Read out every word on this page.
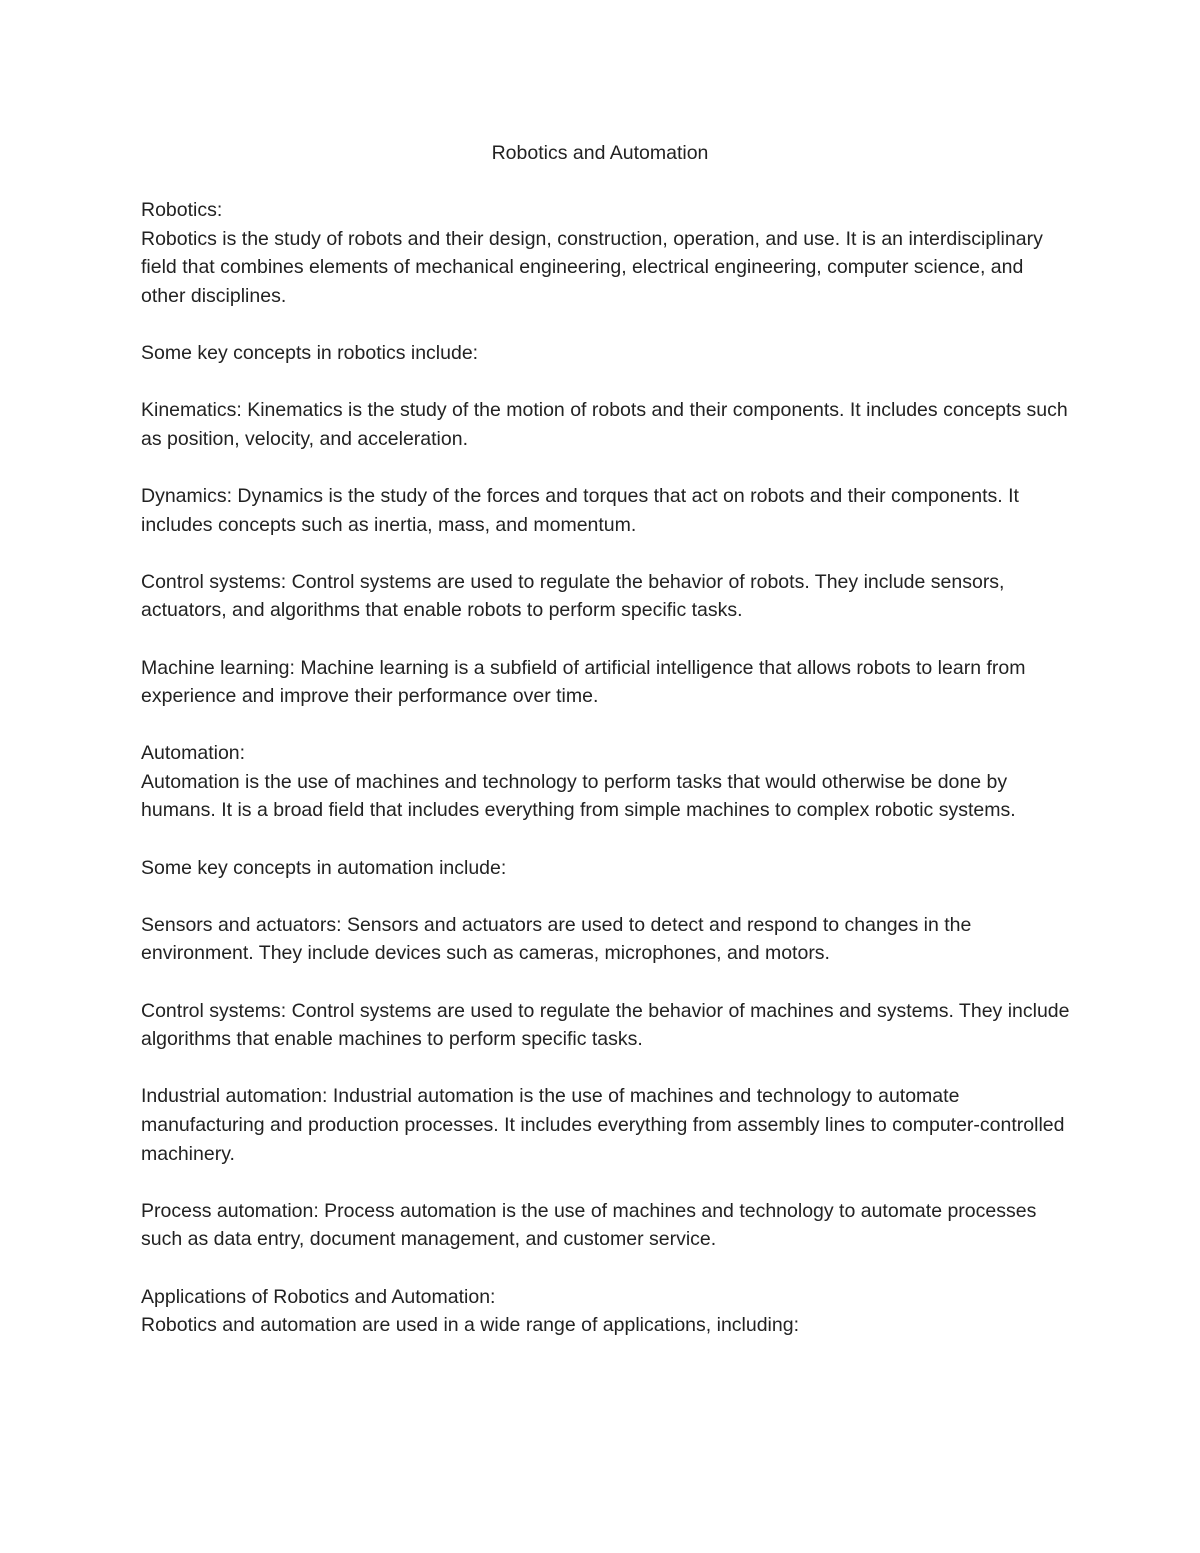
Robotics and Automation

Robotics:

Robotics is the study of robots and their design, construction, operation, and use. It is an interdisciplinary field that combines elements of mechanical engineering, electrical engineering, computer science, and other disciplines.

Some key concepts in robotics include:

Kinematics: Kinematics is the study of the motion of robots and their components. It includes concepts such as position, velocity, and acceleration.

Dynamics: Dynamics is the study of the forces and torques that act on robots and their components. It includes concepts such as inertia, mass, and momentum.

Control systems: Control systems are used to regulate the behavior of robots. They include sensors, actuators, and algorithms that enable robots to perform specific tasks.

Machine learning: Machine learning is a subfield of artificial intelligence that allows robots to learn from experience and improve their performance over time.

Automation:

Automation is the use of machines and technology to perform tasks that would otherwise be done by humans. It is a broad field that includes everything from simple machines to complex robotic systems.

Some key concepts in automation include:

Sensors and actuators: Sensors and actuators are used to detect and respond to changes in the environment. They include devices such as cameras, microphones, and motors.

Control systems: Control systems are used to regulate the behavior of machines and systems. They include algorithms that enable machines to perform specific tasks.

Industrial automation: Industrial automation is the use of machines and technology to automate manufacturing and production processes. It includes everything from assembly lines to computer-controlled machinery.

Process automation: Process automation is the use of machines and technology to automate processes such as data entry, document management, and customer service.

Applications of Robotics and Automation:

Robotics and automation are used in a wide range of applications, including:
